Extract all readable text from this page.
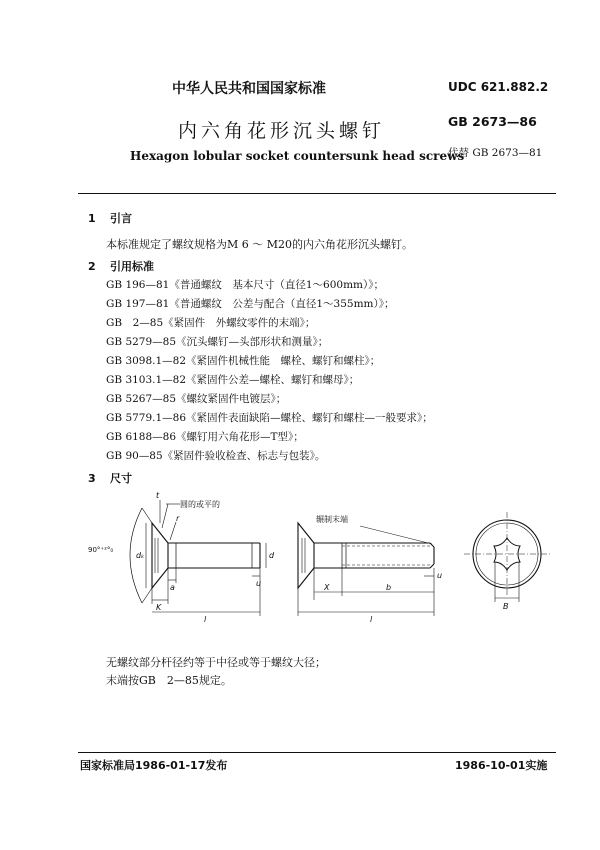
中华人民共和国国家标准	UDC 621.882.2
内六角花形沉头螺钉	GB 2673—86
Hexagon lobular socket countersunk head screws
代替 GB 2673—81
1 引言
本标准规定了螺纹规格为M 6 ～ M20的内六角花形沉头螺钉。
2 引用标准
GB 196—81《普通螺纹　基本尺寸（直径1～600mm）》；
GB 197—81《普通螺纹　公差与配合（直径1～355mm）》；
GB　2—85《紧固件　外螺纹零件的末端》；
GB 5279—85《沉头螺钉—头部形状和测量》；
GB 3098.1—82《紧固件机械性能　螺栓、螺钉和螺柱》；
GB 3103.1—82《紧固件公差—螺栓、螺钉和螺母》；
GB 5267—85《螺纹紧固件电镀层》；
GB 5779.1—86《紧固件表面缺陷—螺栓、螺钉和螺柱—一般要求》；
GB 6188—86《螺钉用六角花形—T型》；
GB 90—85《紧固件验收检查、标志与包装》。
3 尺寸
圆的或平的
t
r
90°⁺²°₀
dₖ	d
K
a	u
l
辗制末端
X	b
u
l
B
无螺纹部分杆径约等于中径或等于螺纹大径；
末端按GB　2—85规定。
国家标准局1986-01-17发布	1986-10-01实施
